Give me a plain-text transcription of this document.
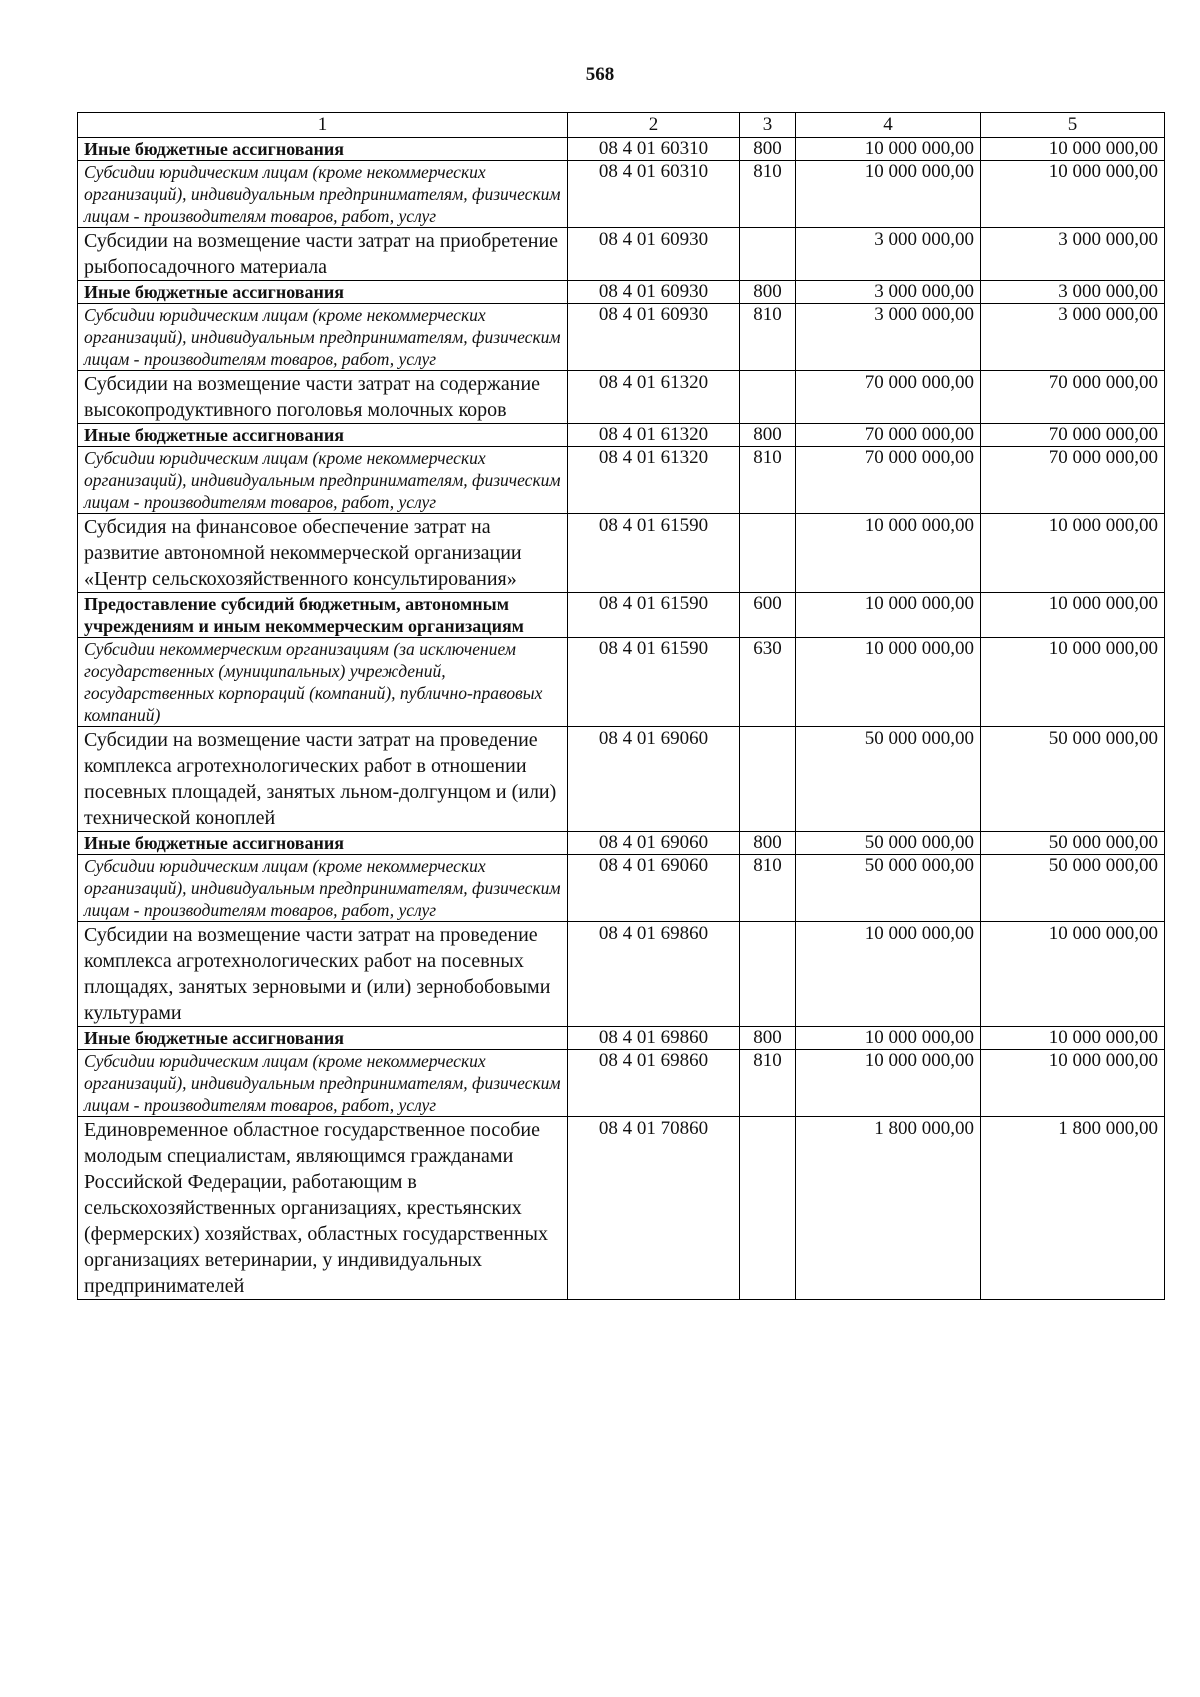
568
1	2	3	4	5
Иные бюджетные ассигнования	08 4 01 60310	800	10 000 000,00	10 000 000,00
Субсидии юридическим лицам (кроме некоммерческих организаций), индивидуальным предпринимателям, физическим лицам - производителям товаров, работ, услуг	08 4 01 60310	810	10 000 000,00	10 000 000,00
Субсидии на возмещение части затрат на приобретение рыбопосадочного материала	08 4 01 60930		3 000 000,00	3 000 000,00
Иные бюджетные ассигнования	08 4 01 60930	800	3 000 000,00	3 000 000,00
Субсидии юридическим лицам (кроме некоммерческих организаций), индивидуальным предпринимателям, физическим лицам - производителям товаров, работ, услуг	08 4 01 60930	810	3 000 000,00	3 000 000,00
Субсидии на возмещение части затрат на содержание высокопродуктивного поголовья молочных коров	08 4 01 61320		70 000 000,00	70 000 000,00
Иные бюджетные ассигнования	08 4 01 61320	800	70 000 000,00	70 000 000,00
Субсидии юридическим лицам (кроме некоммерческих организаций), индивидуальным предпринимателям, физическим лицам - производителям товаров, работ, услуг	08 4 01 61320	810	70 000 000,00	70 000 000,00
Субсидия на финансовое обеспечение затрат на развитие автономной некоммерческой организации «Центр сельскохозяйственного консультирования»	08 4 01 61590		10 000 000,00	10 000 000,00
Предоставление субсидий бюджетным, автономным учреждениям и иным некоммерческим организациям	08 4 01 61590	600	10 000 000,00	10 000 000,00
Субсидии некоммерческим организациям (за исключением государственных (муниципальных) учреждений, государственных корпораций (компаний), публично-правовых компаний)	08 4 01 61590	630	10 000 000,00	10 000 000,00
Субсидии на возмещение части затрат на проведение комплекса агротехнологических работ в отношении посевных площадей, занятых льном-долгунцом и (или) технической коноплей	08 4 01 69060		50 000 000,00	50 000 000,00
Иные бюджетные ассигнования	08 4 01 69060	800	50 000 000,00	50 000 000,00
Субсидии юридическим лицам (кроме некоммерческих организаций), индивидуальным предпринимателям, физическим лицам - производителям товаров, работ, услуг	08 4 01 69060	810	50 000 000,00	50 000 000,00
Субсидии на возмещение части затрат на проведение комплекса агротехнологических работ на посевных площадях, занятых зерновыми и (или) зернобобовыми культурами	08 4 01 69860		10 000 000,00	10 000 000,00
Иные бюджетные ассигнования	08 4 01 69860	800	10 000 000,00	10 000 000,00
Субсидии юридическим лицам (кроме некоммерческих организаций), индивидуальным предпринимателям, физическим лицам - производителям товаров, работ, услуг	08 4 01 69860	810	10 000 000,00	10 000 000,00
Единовременное областное государственное пособие молодым специалистам, являющимся гражданами Российской Федерации, работающим в сельскохозяйственных организациях, крестьянских (фермерских) хозяйствах, областных государственных организациях ветеринарии, у индивидуальных предпринимателей	08 4 01 70860		1 800 000,00	1 800 000,00
